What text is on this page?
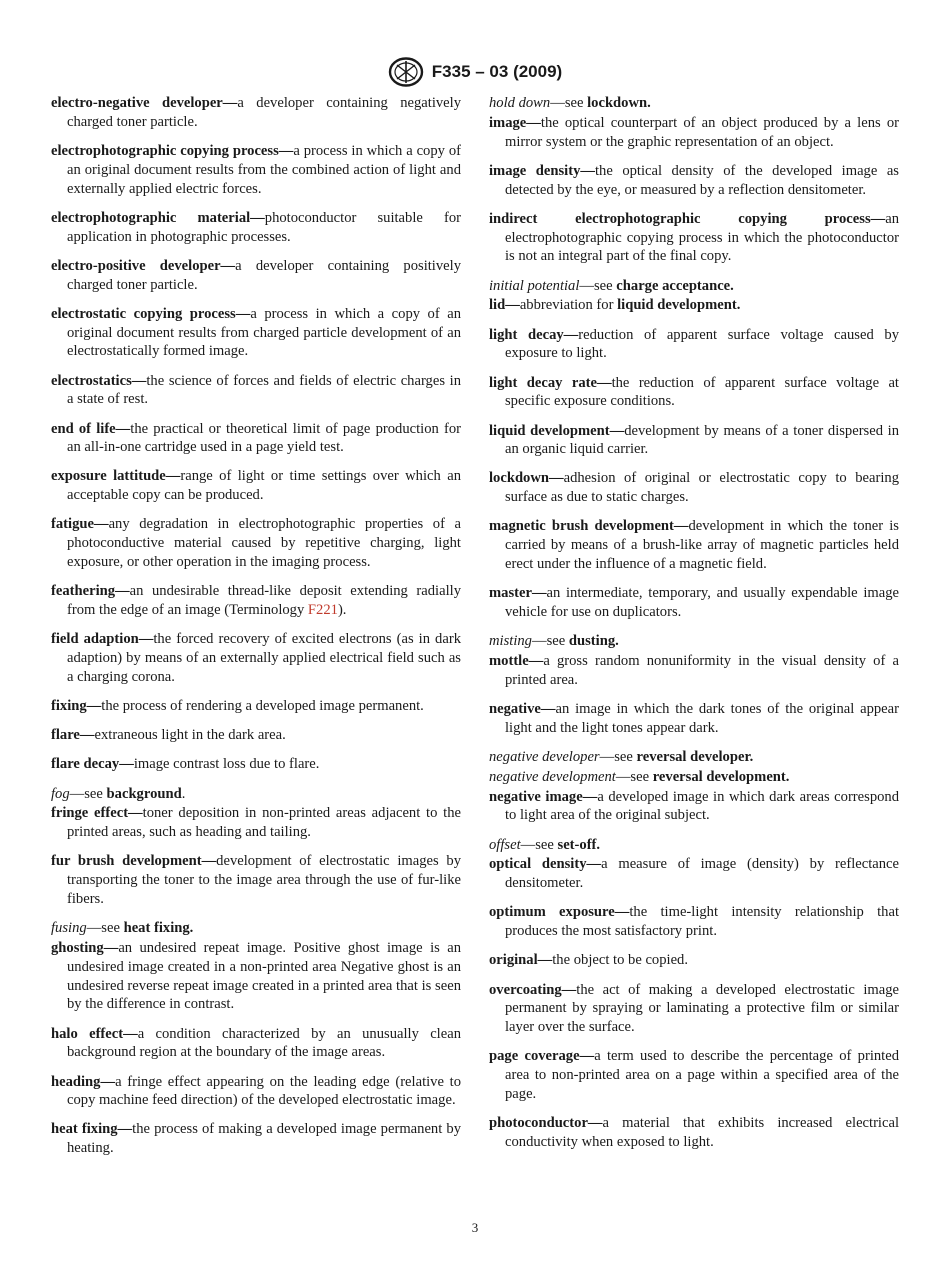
F335 – 03 (2009)

electro-negative developer—a developer containing negatively charged toner particle.

electrophotographic copying process—a process in which a copy of an original document results from the combined action of light and externally applied electric forces.

electrophotographic material—photoconductor suitable for application in photographic processes.

electro-positive developer—a developer containing positively charged toner particle.

electrostatic copying process—a process in which a copy of an original document results from charged particle development of an electrostatically formed image.

electrostatics—the science of forces and fields of electric charges in a state of rest.

end of life—the practical or theoretical limit of page production for an all-in-one cartridge used in a page yield test.

exposure lattitude—range of light or time settings over which an acceptable copy can be produced.

fatigue—any degradation in electrophotographic properties of a photoconductive material caused by repetitive charging, light exposure, or other operation in the imaging process.

feathering—an undesirable thread-like deposit extending radially from the edge of an image (Terminology F221).

field adaption—the forced recovery of excited electrons (as in dark adaption) by means of an externally applied electrical field such as a charging corona.

fixing—the process of rendering a developed image permanent.

flare—extraneous light in the dark area.

flare decay—image contrast loss due to flare.

fog—see background.

fringe effect—toner deposition in non-printed areas adjacent to the printed areas, such as heading and tailing.

fur brush development—development of electrostatic images by transporting the toner to the image area through the use of fur-like fibers.

fusing—see heat fixing.

ghosting—an undesired repeat image. Positive ghost image is an undesired image created in a non-printed area Negative ghost is an undesired reverse repeat image created in a printed area that is seen by the difference in contrast.

halo effect—a condition characterized by an unusually clean background region at the boundary of the image areas.

heading—a fringe effect appearing on the leading edge (relative to copy machine feed direction) of the developed electrostatic image.

heat fixing—the process of making a developed image permanent by heating.

hold down—see lockdown.

image—the optical counterpart of an object produced by a lens or mirror system or the graphic representation of an object.

image density—the optical density of the developed image as detected by the eye, or measured by a reflection densitometer.

indirect electrophotographic copying process—an electrophotographic copying process in which the photoconductor is not an integral part of the final copy.

initial potential—see charge acceptance.

lid—abbreviation for liquid development.

light decay—reduction of apparent surface voltage caused by exposure to light.

light decay rate—the reduction of apparent surface voltage at specific exposure conditions.

liquid development—development by means of a toner dispersed in an organic liquid carrier.

lockdown—adhesion of original or electrostatic copy to bearing surface as due to static charges.

magnetic brush development—development in which the toner is carried by means of a brush-like array of magnetic particles held erect under the influence of a magnetic field.

master—an intermediate, temporary, and usually expendable image vehicle for use on duplicators.

misting—see dusting.

mottle—a gross random nonuniformity in the visual density of a printed area.

negative—an image in which the dark tones of the original appear light and the light tones appear dark.

negative developer—see reversal developer.

negative development—see reversal development.

negative image—a developed image in which dark areas correspond to light area of the original subject.

offset—see set-off.

optical density—a measure of image (density) by reflectance densitometer.

optimum exposure—the time-light intensity relationship that produces the most satisfactory print.

original—the object to be copied.

overcoating—the act of making a developed electrostatic image permanent by spraying or laminating a protective film or similar layer over the surface.

page coverage—a term used to describe the percentage of printed area to non-printed area on a page within a specified area of the page.

photoconductor—a material that exhibits increased electrical conductivity when exposed to light.

3
